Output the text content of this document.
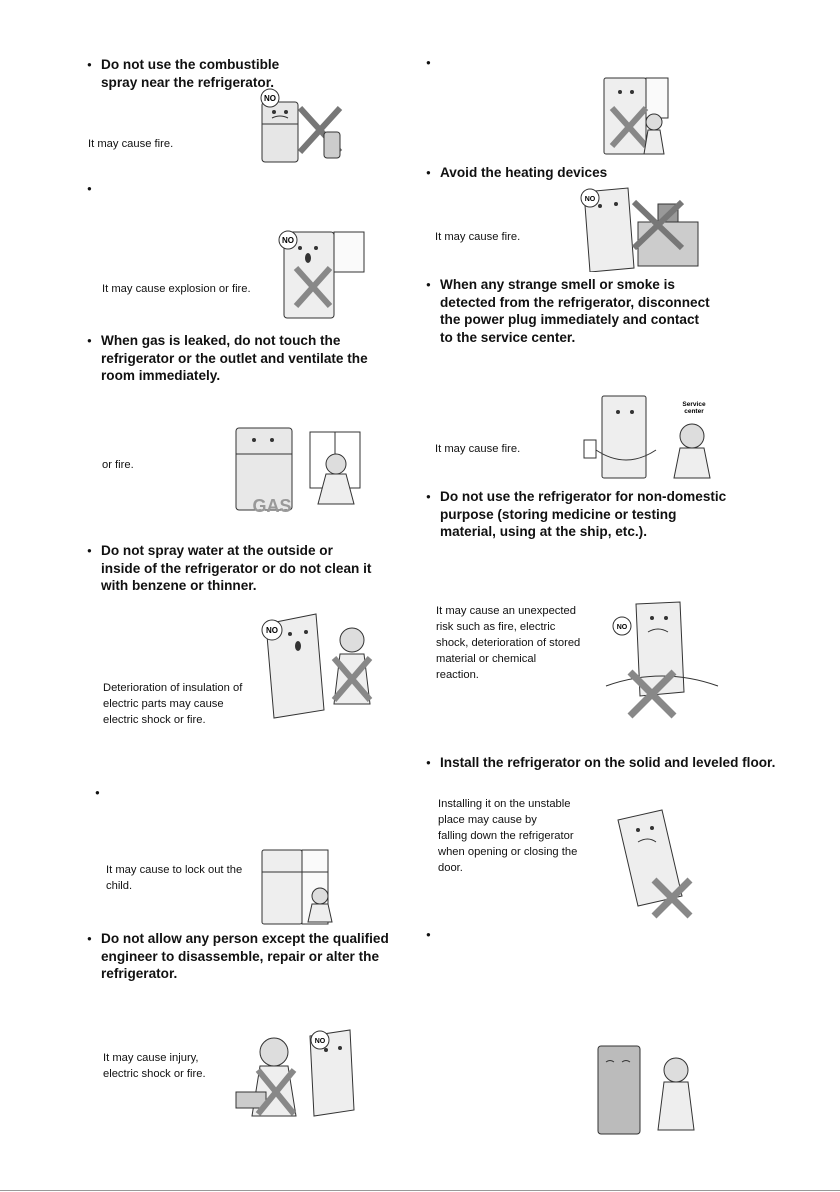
● Do not use the combustible
spray near the refrigerator.

It may cause fire.
NO
●
It may cause explosion or fire.
NO

● When gas is leaked, do not touch the
refrigerator or the outlet and ventilate the
room immediately.

or fire.
GAS

● Do not spray water at the outside or
inside of the refrigerator or do not clean it
with benzene or thinner.

Deterioration of insulation of
electric parts may cause
electric shock or fire.
NO
●
It may cause to lock out the
child.

● Do not allow any person except the qualified
engineer to disassemble, repair or alter the
refrigerator.

It may cause injury,
electric shock or fire.
NO
●

● Avoid the heating devices

It may cause fire.
NO

● When any strange smell or smoke is
detected from the refrigerator, disconnect
the power plug immediately and contact
to the service center.

It may cause fire.
Service center

● Do not use the refrigerator for non-domestic
purpose (storing medicine or testing
material, using at the ship, etc.).

It may cause an unexpected
risk such as fire, electric
shock, deterioration of stored
material or chemical
reaction.
NO

● Install the refrigerator on the solid and leveled floor.

Installing it on the unstable
place may cause by
falling down the refrigerator
when opening or closing the
door.
●
